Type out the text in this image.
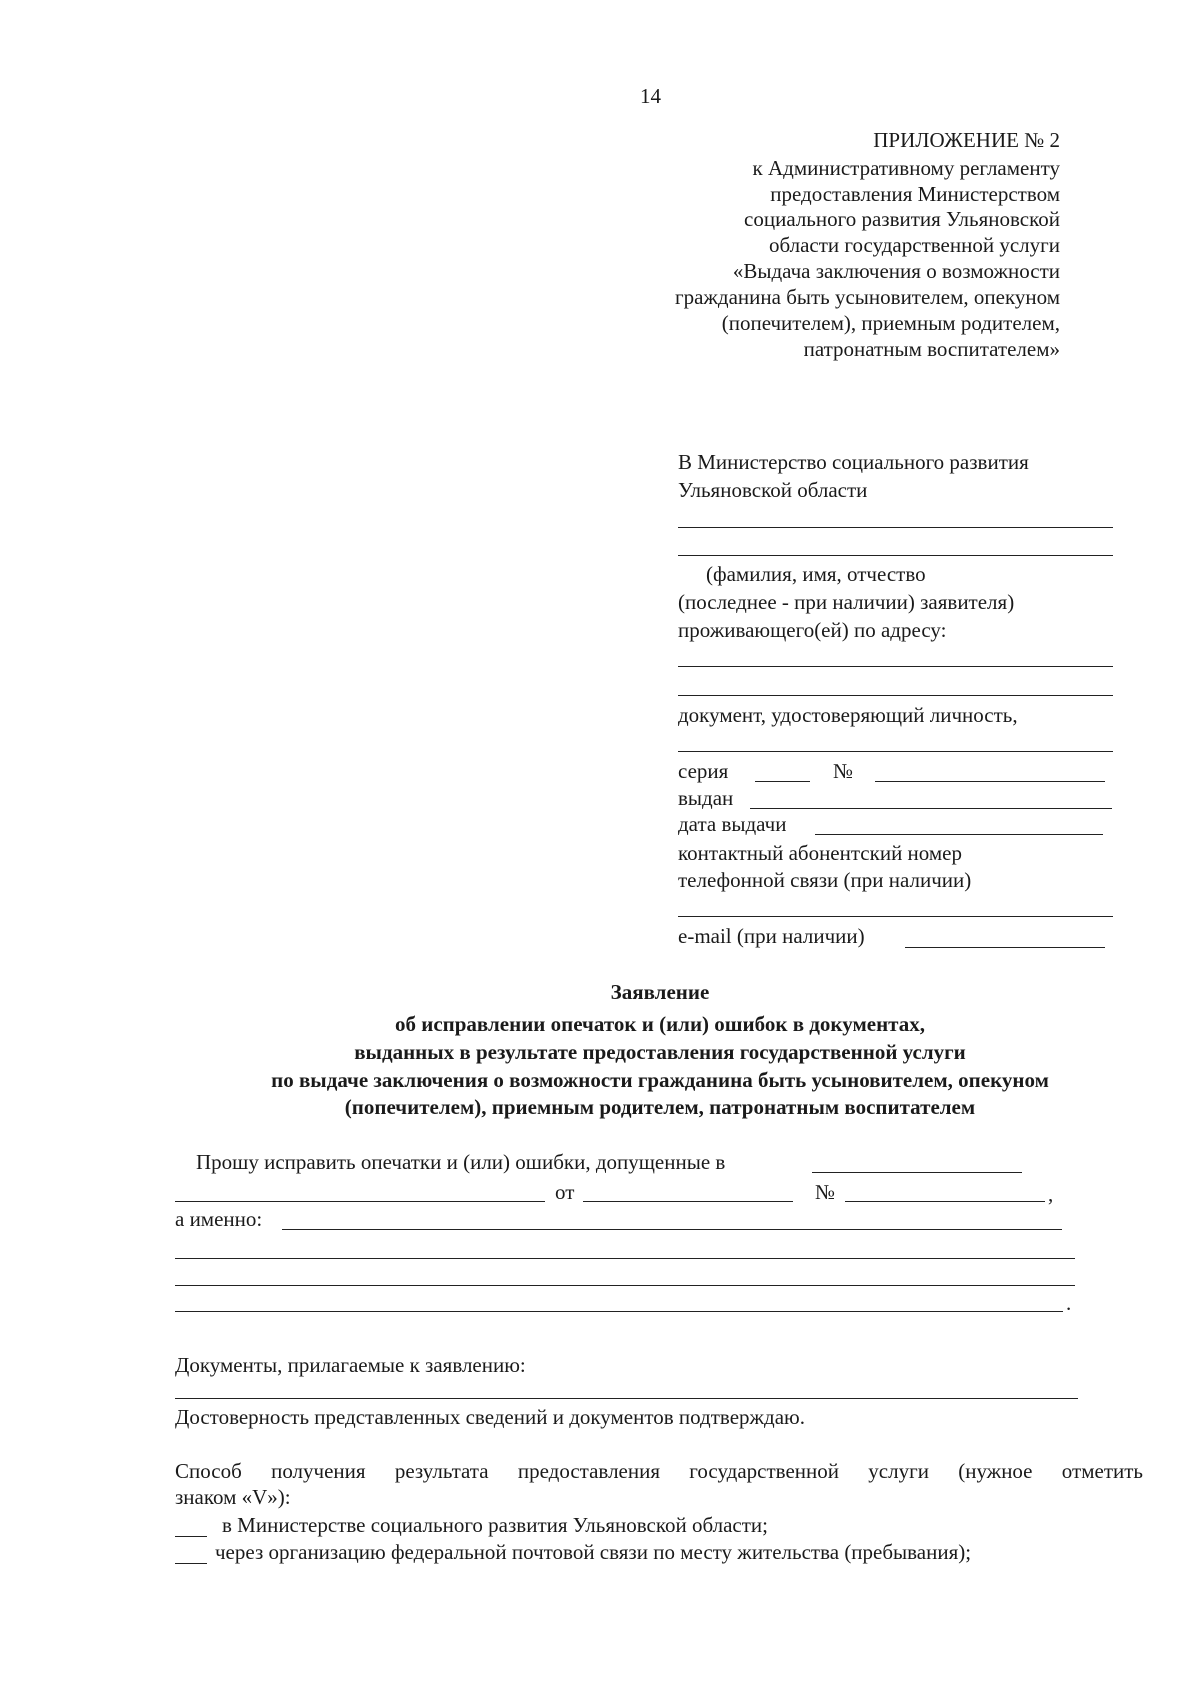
14
ПРИЛОЖЕНИЕ № 2
к Административному регламенту
предоставления Министерством
социального развития Ульяновской
области государственной услуги
«Выдача заключения о возможности
гражданина быть усыновителем, опекуном
(попечителем), приемным родителем,
патронатным воспитателем»
В Министерство социального развития
Ульяновской области
(фамилия, имя, отчество
(последнее - при наличии) заявителя)
проживающего(ей) по адресу:
документ, удостоверяющий личность,
серия	№
выдан
дата выдачи
контактный абонентский номер
телефонной связи (при наличии)
e-mail (при наличии)
Заявление
об исправлении опечаток и (или) ошибок в документах,
выданных в результате предоставления государственной услуги
по выдаче заключения о возможности гражданина быть усыновителем, опекуном
(попечителем), приемным родителем, патронатным воспитателем
Прошу исправить опечатки и (или) ошибки, допущенные в
от	№	,
а именно:
.
Документы, прилагаемые к заявлению:
Достоверность представленных сведений и документов подтверждаю.
Способ получения результата предоставления государственной услуги (нужное отметить
знаком «V»):
в Министерстве социального развития Ульяновской области;
через организацию федеральной почтовой связи по месту жительства (пребывания);
